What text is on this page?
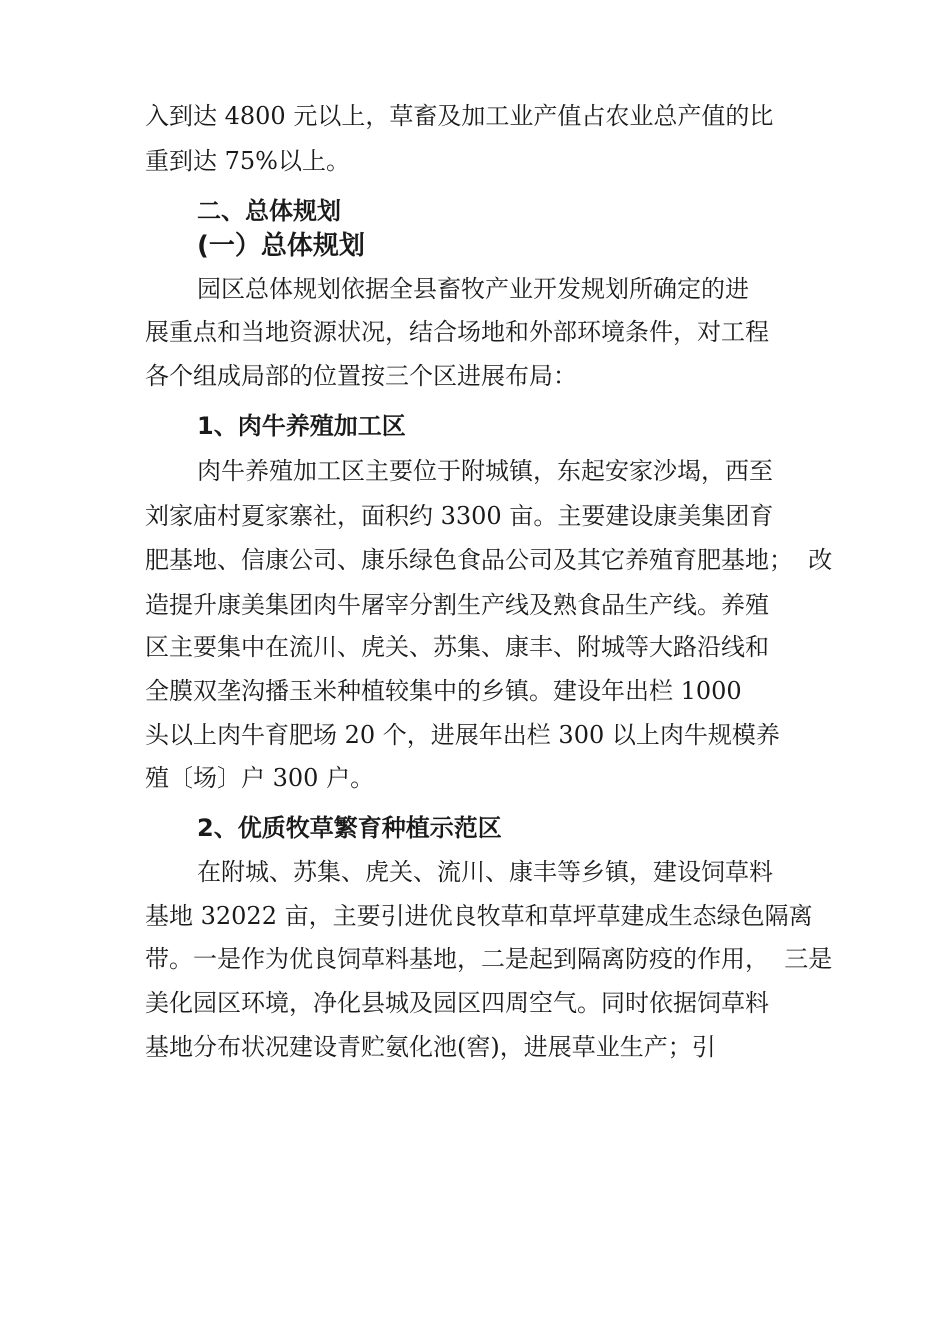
入到达 4800 元以上，草畜及加工业产值占农业总产值的比
重到达 75%以上。
二、总体规划
(一）总体规划
园区总体规划依据全县畜牧产业开发规划所确定的进
展重点和当地资源状况，结合场地和外部环境条件，对工程
各个组成局部的位置按三个区进展布局：
1、肉牛养殖加工区
肉牛养殖加工区主要位于附城镇，东起安家沙堨，西至
刘家庙村夏家寨社，面积约 3300 亩。主要建设康美集团育
肥基地、信康公司、康乐绿色食品公司及其它养殖育肥基地；  改
造提升康美集团肉牛屠宰分割生产线及熟食品生产线。养殖
区主要集中在流川、虎关、苏集、康丰、附城等大路沿线和
全膜双垄沟播玉米种植较集中的乡镇。建设年出栏 1000
头以上肉牛育肥场 20 个，进展年出栏 300 以上肉牛规模养
殖〔场〕户 300 户。
2、优质牧草繁育种植示范区
在附城、苏集、虎关、流川、康丰等乡镇，建设饲草料
基地 32022 亩，主要引进优良牧草和草坪草建成生态绿色隔离
带。一是作为优良饲草料基地，二是起到隔离防疫的作用，  三是
美化园区环境，净化县城及园区四周空气。同时依据饲草料
基地分布状况建设青贮氨化池(窖)，进展草业生产；引
